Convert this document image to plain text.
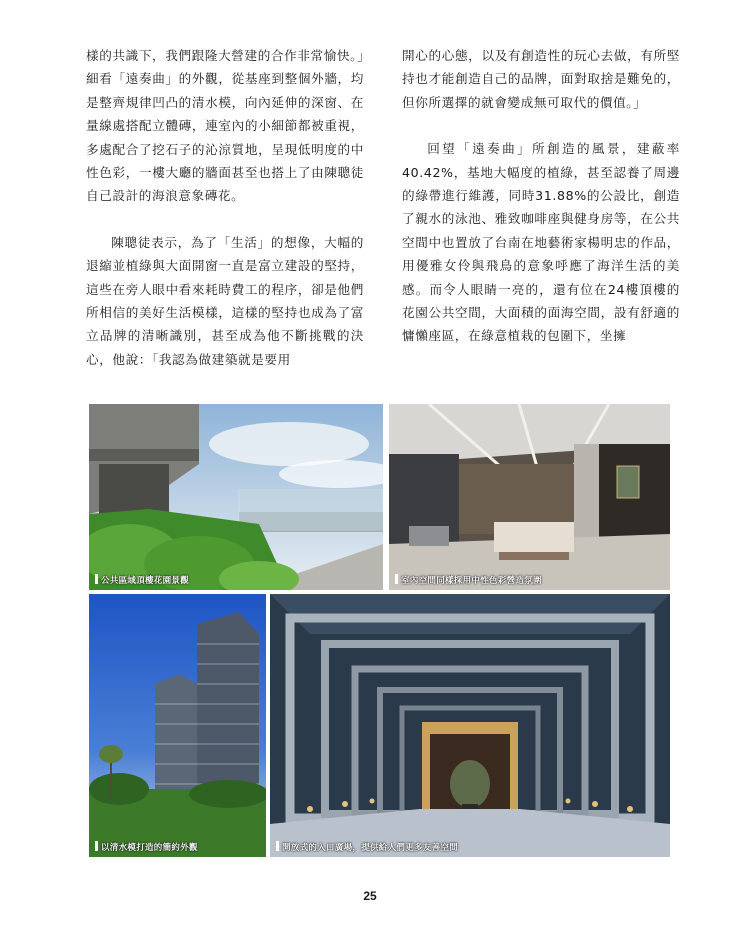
樣的共識下，我們跟隆大營建的合作非常愉快。」細看「遠奏曲」的外觀，從基座到整個外牆，均是整齊規律凹凸的清水模，向內延伸的深窗、在量線處搭配立體磚，連室內的小細節都被重視，多處配合了挖石子的沁涼質地，呈現低明度的中性色彩，一樓大廳的牆面甚至也搭上了由陳聰徒自己設計的海浪意象磚花。

陳聰徒表示，為了「生活」的想像，大幅的退縮並植綠與大面開窗一直是富立建設的堅持，這些在旁人眼中看來耗時費工的程序，卻是他們所相信的美好生活模樣，這樣的堅持也成為了富立品牌的清晰識別，甚至成為他不斷挑戰的決心，他說：「我認為做建築就是要用

開心的心態，以及有創造性的玩心去做，有所堅持也才能創造自己的品牌，面對取捨是難免的，但你所選擇的就會變成無可取代的價值。」

回望「遠奏曲」所創造的風景，建蔽率40.42%，基地大幅度的植綠，甚至認養了周邊的綠帶進行維護，同時31.88%的公設比，創造了親水的泳池、雅致咖啡座與健身房等，在公共空間中也置放了台南在地藝術家楊明忠的作品，用優雅女伶與飛鳥的意象呼應了海洋生活的美感。而令人眼睛一亮的，還有位在24樓頂樓的花園公共空間，大面積的面海空間，設有舒適的慵懶座區，在綠意植栽的包圍下，坐擁

公共區域頂樓花園景觀	室內空間同樣採用中性色彩營造氛圍
以清水模打造的簡約外觀	開放式的入口廣場，提供給人們更多友善空間
25
